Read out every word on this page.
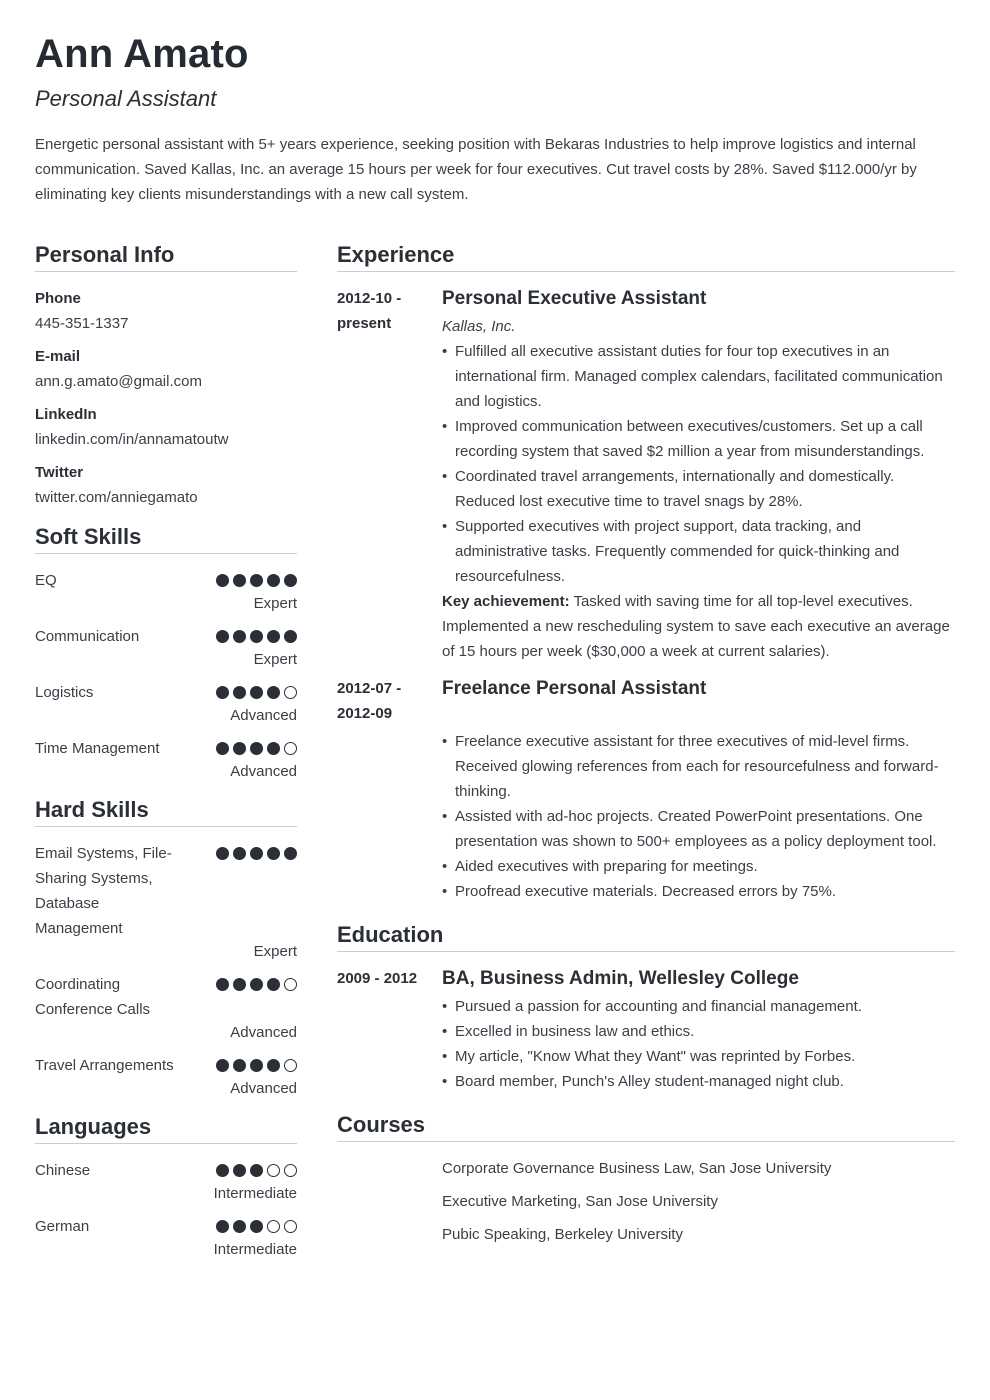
Ann Amato
Personal Assistant
Energetic personal assistant with 5+ years experience, seeking position with Bekaras Industries to help improve logistics and internal communication. Saved Kallas, Inc. an average 15 hours per week for four executives. Cut travel costs by 28%. Saved $112.000/yr by eliminating key clients misunderstandings with a new call system.
Personal Info
Phone
445-351-1337
E-mail
ann.g.amato@gmail.com
LinkedIn
linkedin.com/in/annamatoutw
Twitter
twitter.com/anniegamato
Soft Skills
EQ
Expert
Communication
Expert
Logistics
Advanced
Time Management
Advanced
Hard Skills
Email Systems, File-Sharing Systems, Database Management
Expert
Coordinating Conference Calls
Advanced
Travel Arrangements
Advanced
Languages
Chinese
Intermediate
German
Intermediate
Experience
2012-10 - present
Personal Executive Assistant
Kallas, Inc.
• Fulfilled all executive assistant duties for four top executives in an international firm. Managed complex calendars, facilitated communication and logistics.
• Improved communication between executives/customers. Set up a call recording system that saved $2 million a year from misunderstandings.
• Coordinated travel arrangements, internationally and domestically. Reduced lost executive time to travel snags by 28%.
• Supported executives with project support, data tracking, and administrative tasks. Frequently commended for quick-thinking and resourcefulness.
Key achievement: Tasked with saving time for all top-level executives. Implemented a new rescheduling system to save each executive an average of 15 hours per week ($30,000 a week at current salaries).
2012-07 - 2012-09
Freelance Personal Assistant
• Freelance executive assistant for three executives of mid-level firms. Received glowing references from each for resourcefulness and forward-thinking.
• Assisted with ad-hoc projects. Created PowerPoint presentations. One presentation was shown to 500+ employees as a policy deployment tool.
• Aided executives with preparing for meetings.
• Proofread executive materials. Decreased errors by 75%.
Education
2009 - 2012	BA, Business Admin, Wellesley College
• Pursued a passion for accounting and financial management.
• Excelled in business law and ethics.
• My article, "Know What they Want" was reprinted by Forbes.
• Board member, Punch's Alley student-managed night club.
Courses
Corporate Governance Business Law, San Jose University
Executive Marketing, San Jose University
Pubic Speaking, Berkeley University
